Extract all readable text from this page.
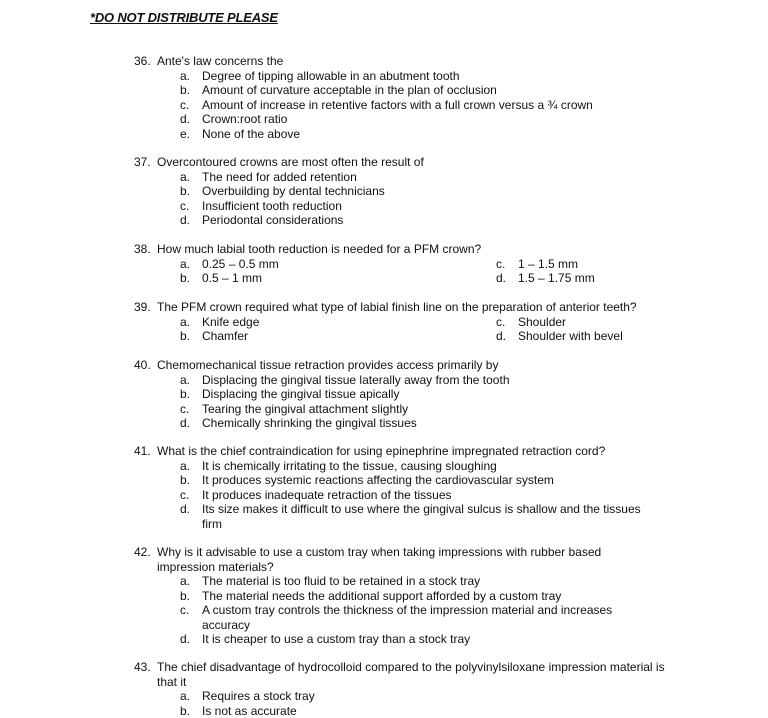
*DO NOT DISTRIBUTE PLEASE
36. Ante's law concerns the
a. Degree of tipping allowable in an abutment tooth
b. Amount of curvature acceptable in the plan of occlusion
c.	Amount of increase in retentive factors with a full crown versus a ¾ crown
d. Crown:root ratio
e. None of the above
37. Overcontoured crowns are most often the result of
a. The need for added retention
b. Overbuilding by dental technicians
c.	Insufficient tooth reduction
d. Periodontal considerations
38. How much labial tooth reduction is needed for a PFM crown?
a. 0.25 – 0.5 mm	c.	1 – 1.5 mm
b. 0.5 – 1 mm	d. 1.5 – 1.75 mm
39. The PFM crown required what type of labial finish line on the preparation of anterior teeth?
a. Knife edge	c.	Shoulder
b. Chamfer	d. Shoulder with bevel
40. Chemomechanical tissue retraction provides access primarily by
a. Displacing the gingival tissue laterally away from the tooth
b. Displacing the gingival tissue apically
c.	Tearing the gingival attachment slightly
d. Chemically shrinking the gingival tissues
41. What is the chief contraindication for using epinephrine impregnated retraction cord?
a. It is chemically irritating to the tissue, causing sloughing
b. It produces systemic reactions affecting the cardiovascular system
c.	It produces inadequate retraction of the tissues
d. Its size makes it difficult to use where the gingival sulcus is shallow and the tissues firm
42. Why is it advisable to use a custom tray when taking impressions with rubber based impression materials?
a. The material is too fluid to be retained in a stock tray
b. The material needs the additional support afforded by a custom tray
c.	A custom tray controls the thickness of the impression material and increases accuracy
d. It is cheaper to use a custom tray than a stock tray
43. The chief disadvantage of hydrocolloid compared to the polyvinylsiloxane impression material is that it
a. Requires a stock tray
b. Is not as accurate
